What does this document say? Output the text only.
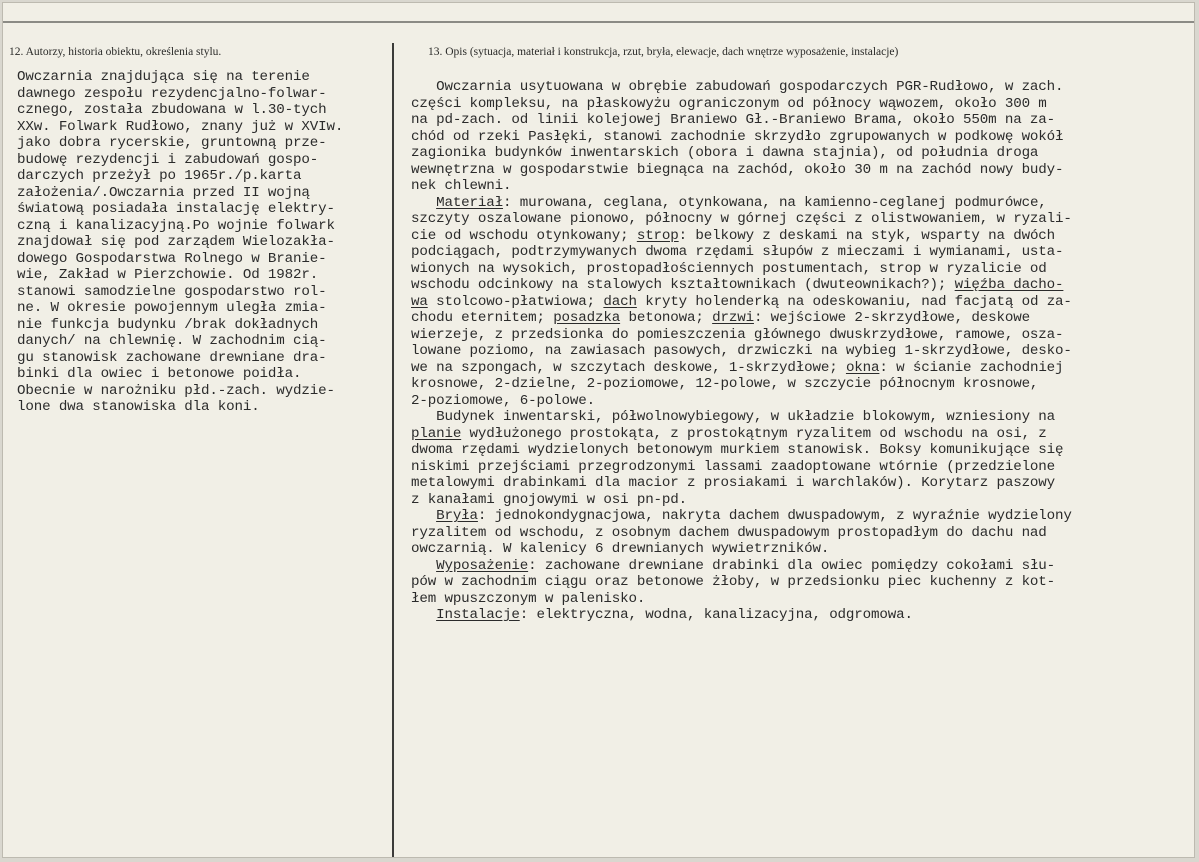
12. Autorzy, historia obiektu, określenia stylu.	13. Opis (sytuacja, materiał i konstrukcja, rzut, bryła, elewacje, dach wnętrze wyposażenie, instalacje)
Owczarnia znajdująca się na terenie
dawnego zespołu rezydencjalno-folwar-
cznego, została zbudowana w l.30-tych
XXw. Folwark Rudłowo, znany już w XVIw.
jako dobra rycerskie, gruntowną prze-
budowę rezydencji i zabudowań gospo-
darczych przeżył po 1965r./p.karta
założenia/.Owczarnia przed II wojną
światową posiadała instalację elektry-
czną i kanalizacyjną.Po wojnie folwark
znajdował się pod zarządem Wielozakła-
dowego Gospodarstwa Rolnego w Branie-
wie, Zakład w Pierzchowie. Od 1982r.
stanowi samodzielne gospodarstwo rol-
ne. W okresie powojennym uległa zmia-
nie funkcja budynku /brak dokładnych
danych/ na chlewnię. W zachodnim cią-
gu stanowisk zachowane drewniane dra-
binki dla owiec i betonowe poidła.
Obecnie w narożniku płd.-zach. wydzie-
lone dwa stanowiska dla koni.
Owczarnia usytuowana w obrębie zabudowań gospodarczych PGR-Rudłowo, w zach.
części kompleksu, na płaskowyżu ograniczonym od północy wąwozem, około 300 m
na pd-zach. od linii kolejowej Braniewo Gł.-Braniewo Brama, około 550m na za-
chód od rzeki Pasłęki, stanowi zachodnie skrzydło zgrupowanych w podkowę wokół
zagionika budynków inwentarskich (obora i dawna stajnia), od południa droga
wewnętrzna w gospodarstwie biegnąca na zachód, około 30 m na zachód nowy budy-
nek chlewni.
Materiał: murowana, ceglana, otynkowana, na kamienno-ceglanej podmurówce,
szczyty oszalowane pionowo, północny w górnej części z olistwowaniem, w ryzali-
cie od wschodu otynkowany; strop: belkowy z deskami na styk, wsparty na dwóch
podciągach, podtrzymywanych dwoma rzędami słupów z mieczami i wymianami, usta-
wionych na wysokich, prostopadłościennych postumentach, strop w ryzalicie od
wschodu odcinkowy na stalowych kształtownikach (dwuteownikach?); więźba dacho-
wa stolcowo-płatwiowa; dach kryty holenderką na odeskowaniu, nad facjatą od za-
chodu eternitem; posadzka betonowa; drzwi: wejściowe 2-skrzydłowe, deskowe
wierzeje, z przedsionka do pomieszczenia głównego dwuskrzydłowe, ramowe, osza-
lowane poziomo, na zawiasach pasowych, drzwiczki na wybieg 1-skrzydłowe, desko-
we na szpongach, w szczytach deskowe, 1-skrzydłowe; okna: w ścianie zachodniej
krosnowe, 2-dzielne, 2-poziomowe, 12-polowe, w szczycie północnym krosnowe,
2-poziomowe, 6-polowe.
Budynek inwentarski, półwolnowybiegowy, w układzie blokowym, wzniesiony na
planie wydłużonego prostokąta, z prostokątnym ryzalitem od wschodu na osi, z
dwoma rzędami wydzielonych betonowym murkiem stanowisk. Boksy komunikujące się
niskimi przejściami przegrodzonymi lassami zaadoptowane wtórnie (przedzielone
metalowymi drabinkami dla macior z prosiakami i warchlaków). Korytarz paszowy
z kanałami gnojowymi w osi pn-pd.
Bryła: jednokondygnacjowa, nakryta dachem dwuspadowym, z wyraźnie wydzielony
ryzalitem od wschodu, z osobnym dachem dwuspadowym prostopadłym do dachu nad
owczarnią. W kalenicy 6 drewnianych wywietrzników.
Wyposażenie: zachowane drewniane drabinki dla owiec pomiędzy cokołami słu-
pów w zachodnim ciągu oraz betonowe żłoby, w przedsionku piec kuchenny z kot-
łem wpuszczonym w palenisko.
Instalacje: elektryczna, wodna, kanalizacyjna, odgromowa.
